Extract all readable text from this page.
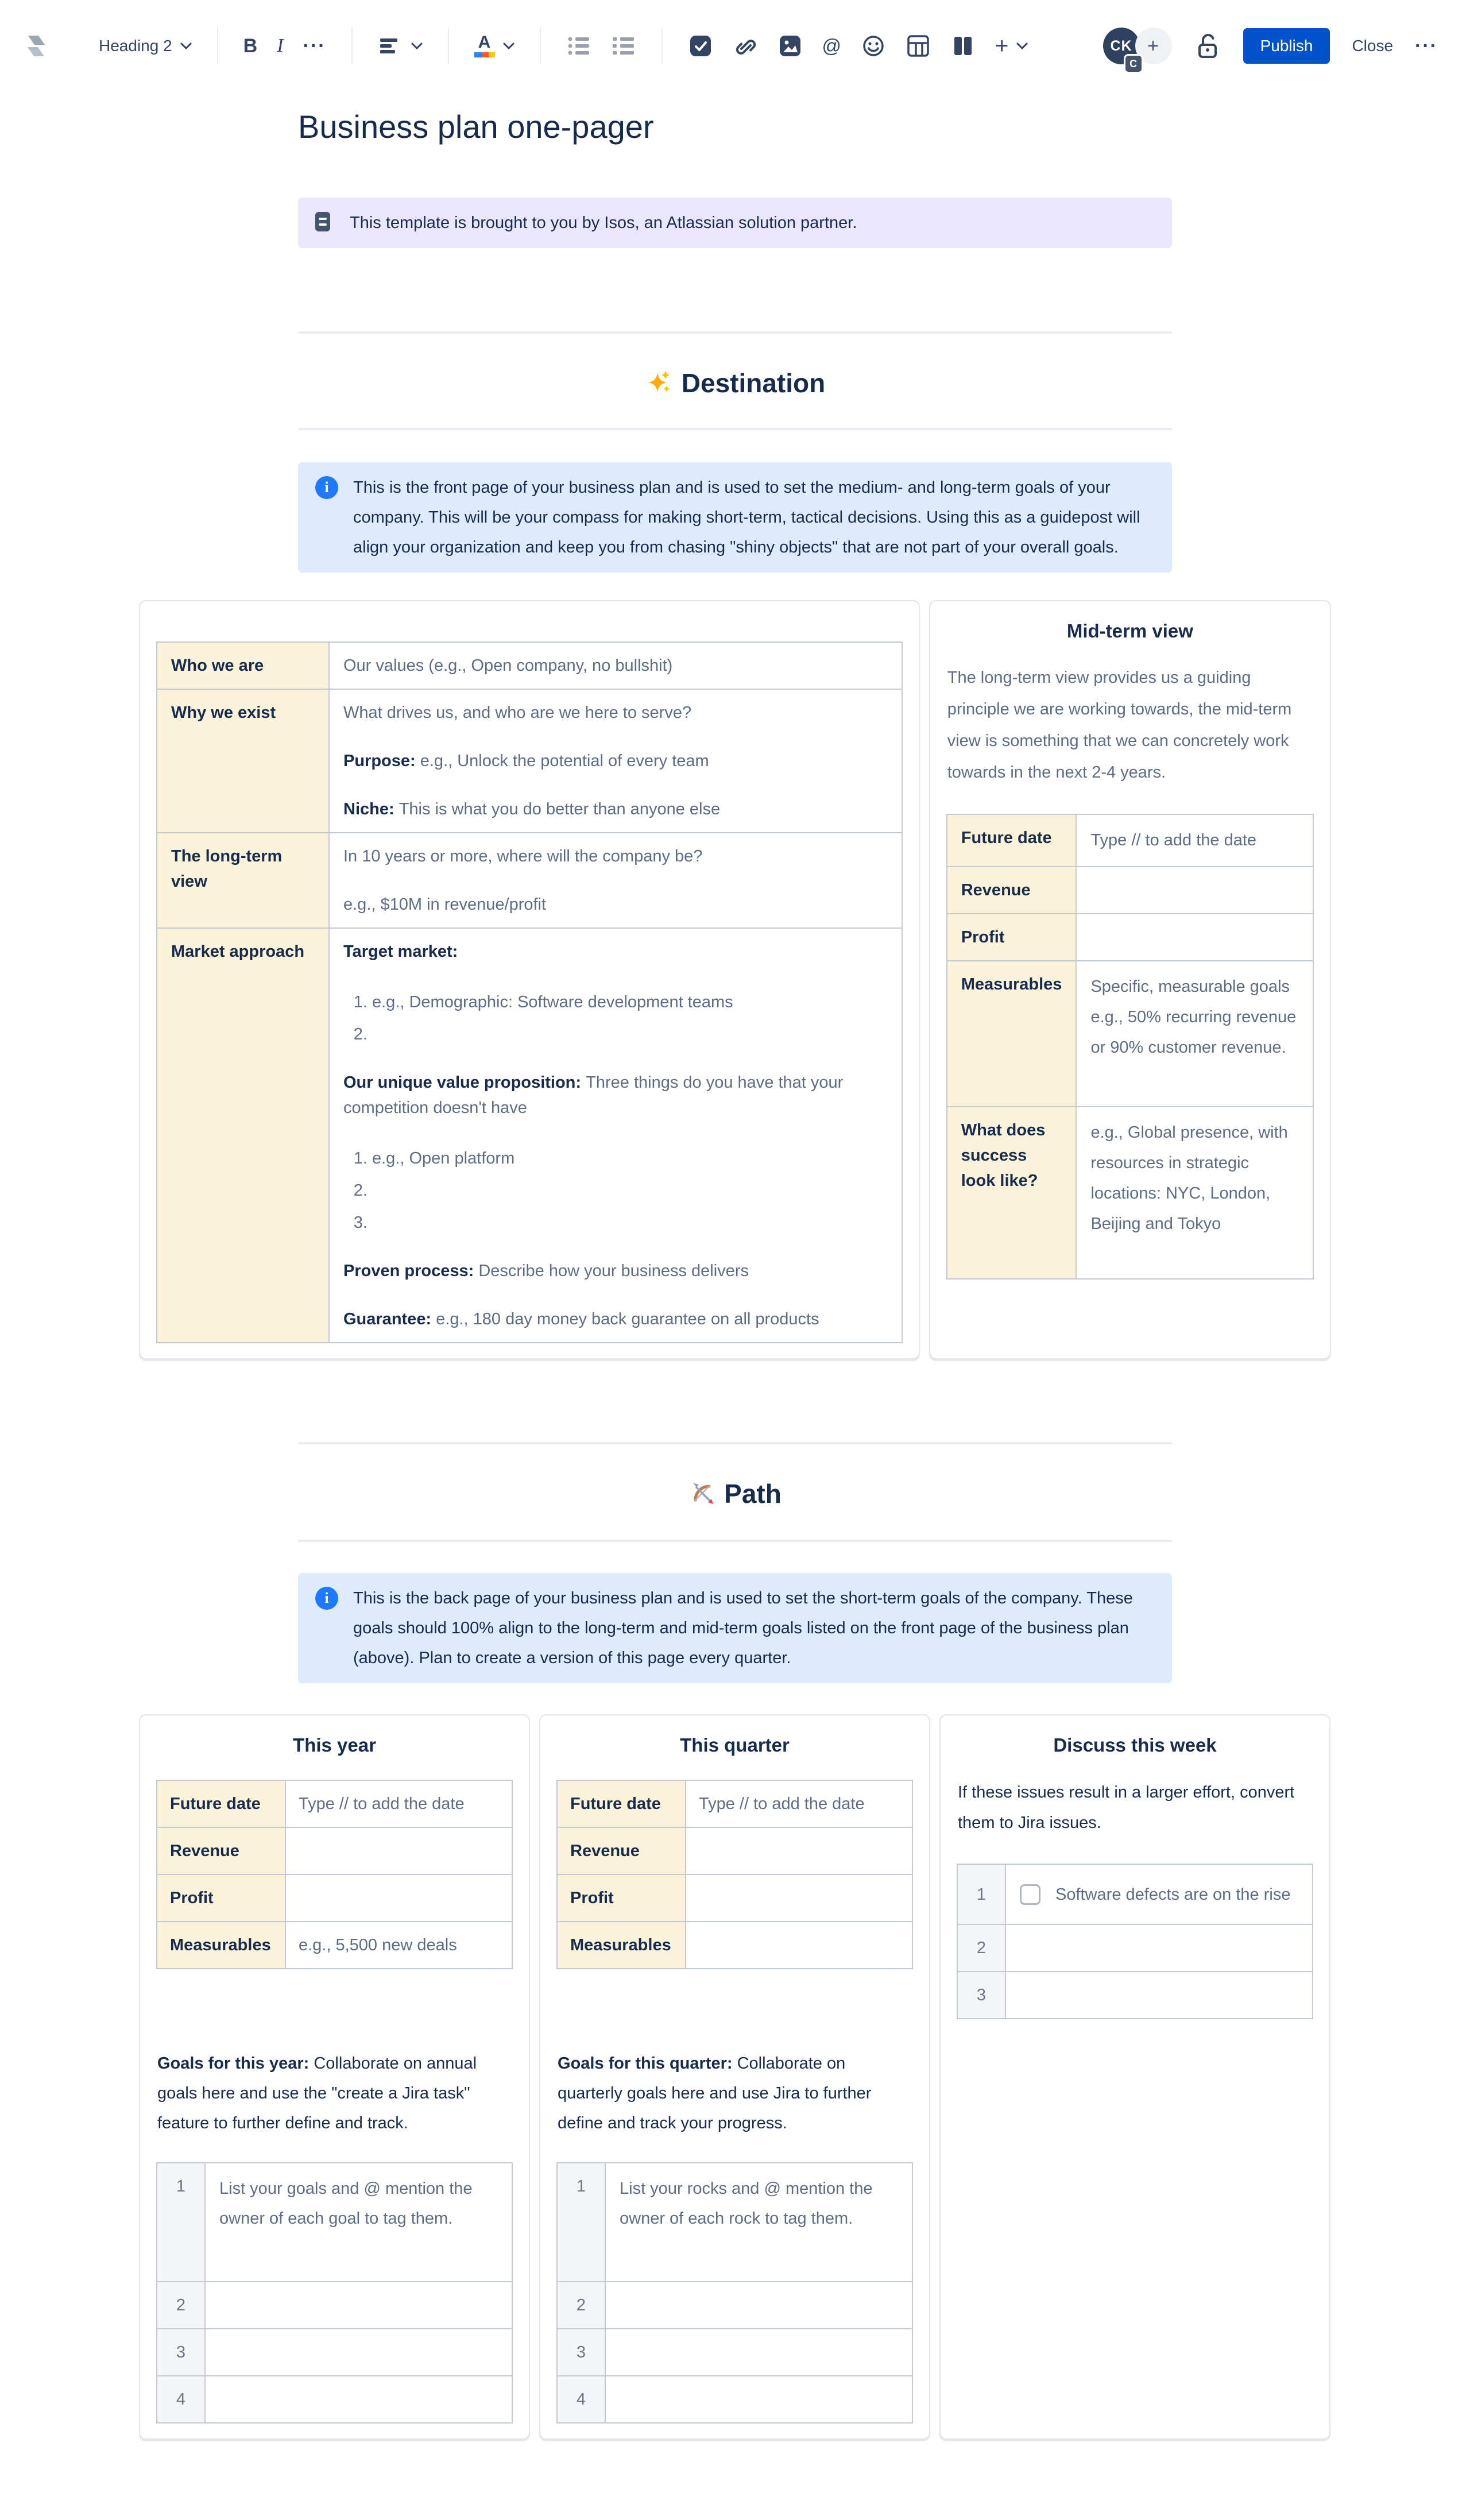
Heading 2	B I ···	A	@	+	CK +
C
Publish	Close ···
Business plan one-pager
This template is brought to you by Isos, an Atlassian solution partner.
Destination
i	This is the front page of your business plan and is used to set the medium- and long-term goals of your company. This will be your compass for making short-term, tactical decisions. Using this as a guidepost will align your organization and keep you from chasing "shiny objects" that are not part of your overall goals.
Who we are	Our values (e.g., Open company, no bullshit)

Why we exist	What drives us, and who are we here to serve?

Purpose: e.g., Unlock the potential of every team

Niche: This is what you do better than anyone else

The long-term view	In 10 years or more, where will the company be?

e.g., $10M in revenue/profit

Market approach	Target market:

1. e.g., Demographic: Software development teams
2.

Our unique value proposition: Three things do you have that your competition doesn't have

1. e.g., Open platform
2.
3.

Proven process: Describe how your business delivers

Guarantee: e.g., 180 day money back guarantee on all products

Mid-term view

The long-term view provides us a guiding principle we are working towards, the mid-term view is something that we can concretely work towards in the next 2-4 years.

Future date	Type // to add the date
Revenue	
Profit	
Measurables	Specific, measurable goals e.g., 50% recurring revenue or 90% customer revenue.
What does success look like?	e.g., Global presence, with resources in strategic locations: NYC, London, Beijing and Tokyo
Path
i	This is the back page of your business plan and is used to set the short-term goals of the company. These goals should 100% align to the long-term and mid-term goals listed on the front page of the business plan (above). Plan to create a version of this page every quarter.
This year
Future date	Type // to add the date
Revenue	
Profit	
Measurables	e.g., 5,500 new deals

Goals for this year: Collaborate on annual goals here and use the "create a Jira task" feature to further define and track.

1	List your goals and @ mention the owner of each goal to tag them.
2	
3	
4	
This quarter
Future date	Type // to add the date
Revenue	
Profit	
Measurables	

Goals for this quarter: Collaborate on quarterly goals here and use Jira to further define and track your progress.

1	List your rocks and @ mention the owner of each rock to tag them.
2	
3	
4	
Discuss this week

If these issues result in a larger effort, convert them to Jira issues.

1	Software defects are on the rise

2	
3	
